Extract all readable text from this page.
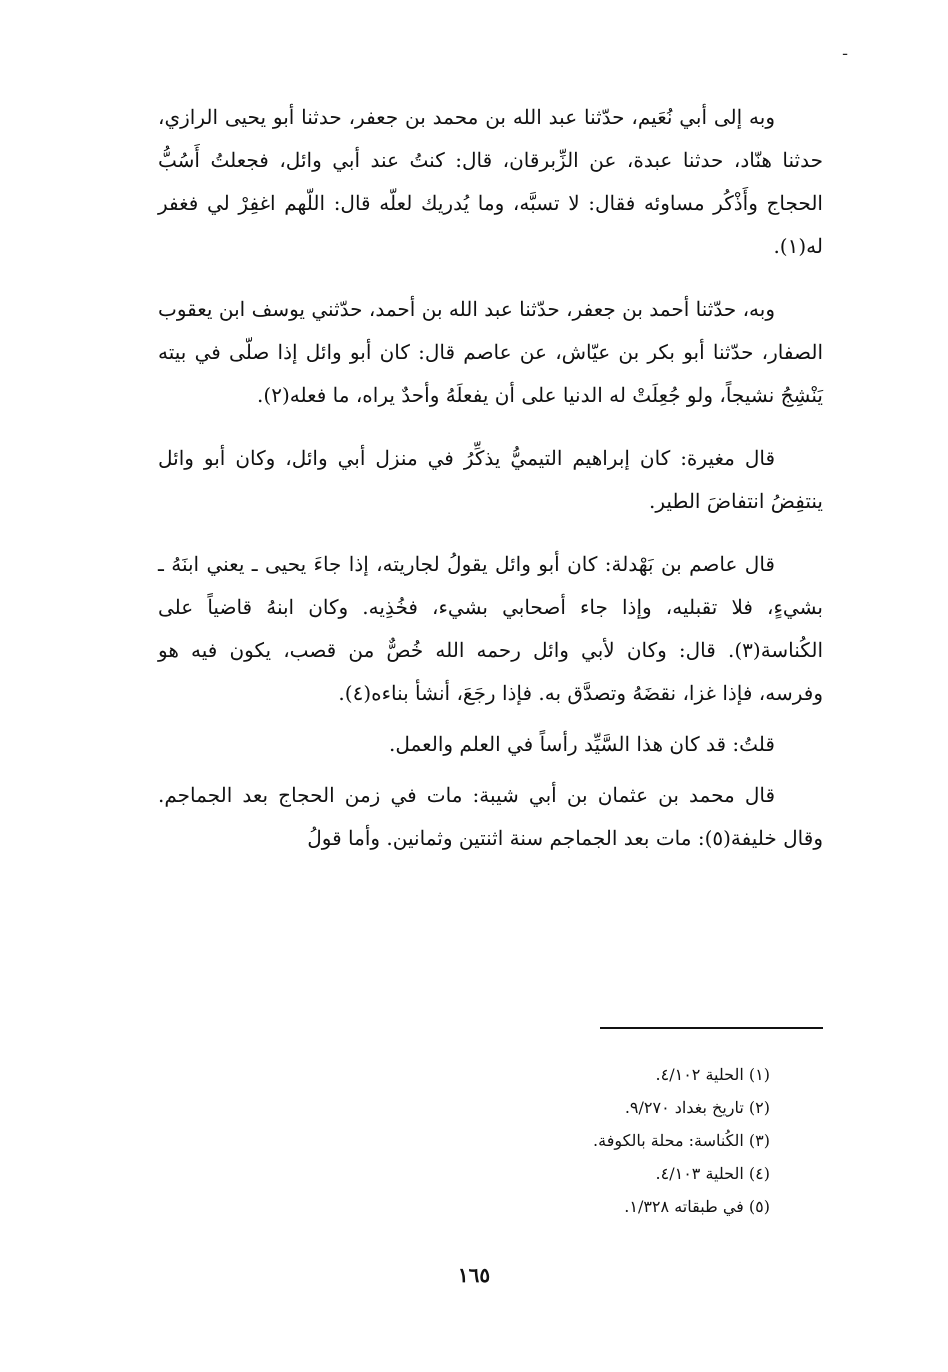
ـ

وبه إلى أبي نُعَيم، حدّثنا عبد الله بن محمد بن جعفر، حدثنا أبو يحيى الرازي، حدثنا هنّاد، حدثنا عبدة، عن الزِّبرقان، قال: كنتُ عند أبي وائل، فجعلتُ أَسُبُّ الحجاج وأَذْكُر مساوئه فقال: لا تسبَّه، وما يُدريك لعلّه قال: اللّهم اغفِرْ لي فغفر له(١).

وبه، حدّثنا أحمد بن جعفر، حدّثنا عبد الله بن أحمد، حدّثني يوسف ابن يعقوب الصفار، حدّثنا أبو بكر بن عيّاش، عن عاصم قال: كان أبو وائل إذا صلّى في بيته يَنْشِجُ نشيجاً، ولو جُعِلَتْ له الدنيا على أن يفعلَهُ وأحدٌ يراه، ما فعله(٢).

قال مغيرة: كان إبراهيم التيميُّ يذكِّرُ في منزل أبي وائل، وكان أبو وائل ينتفِضُ انتفاضَ الطير.

قال عاصم بن بَهْدلة: كان أبو وائل يقولُ لجاريته، إذا جاءَ يحيى ـ يعني ابنَهُ ـ بشيءٍ، فلا تقبليه، وإذا جاء أصحابي بشيء، فخُذِيه. وكان ابنهُ قاضياً على الكُناسة(٣). قال: وكان لأبي وائل رحمه الله خُصٌّ من قصب، يكون فيه هو وفرسه، فإذا غزا، نقضَهُ وتصدَّق به. فإذا رجَعَ، أنشأ بناءه(٤).

قلتُ: قد كان هذا السَّيِّد رأساً في العلم والعمل.

قال محمد بن عثمان بن أبي شيبة: مات في زمن الحجاج بعد الجماجم. وقال خليفة(٥): مات بعد الجماجم سنة اثنتين وثمانين. وأما قولُ

(١) الحلية ٤/١٠٢.
(٢) تاريخ بغداد ٩/٢٧٠.
(٣) الكُناسة: محلة بالكوفة.
(٤) الحلية ٤/١٠٣.
(٥) في طبقاته ١/٣٢٨.
١٦٥
